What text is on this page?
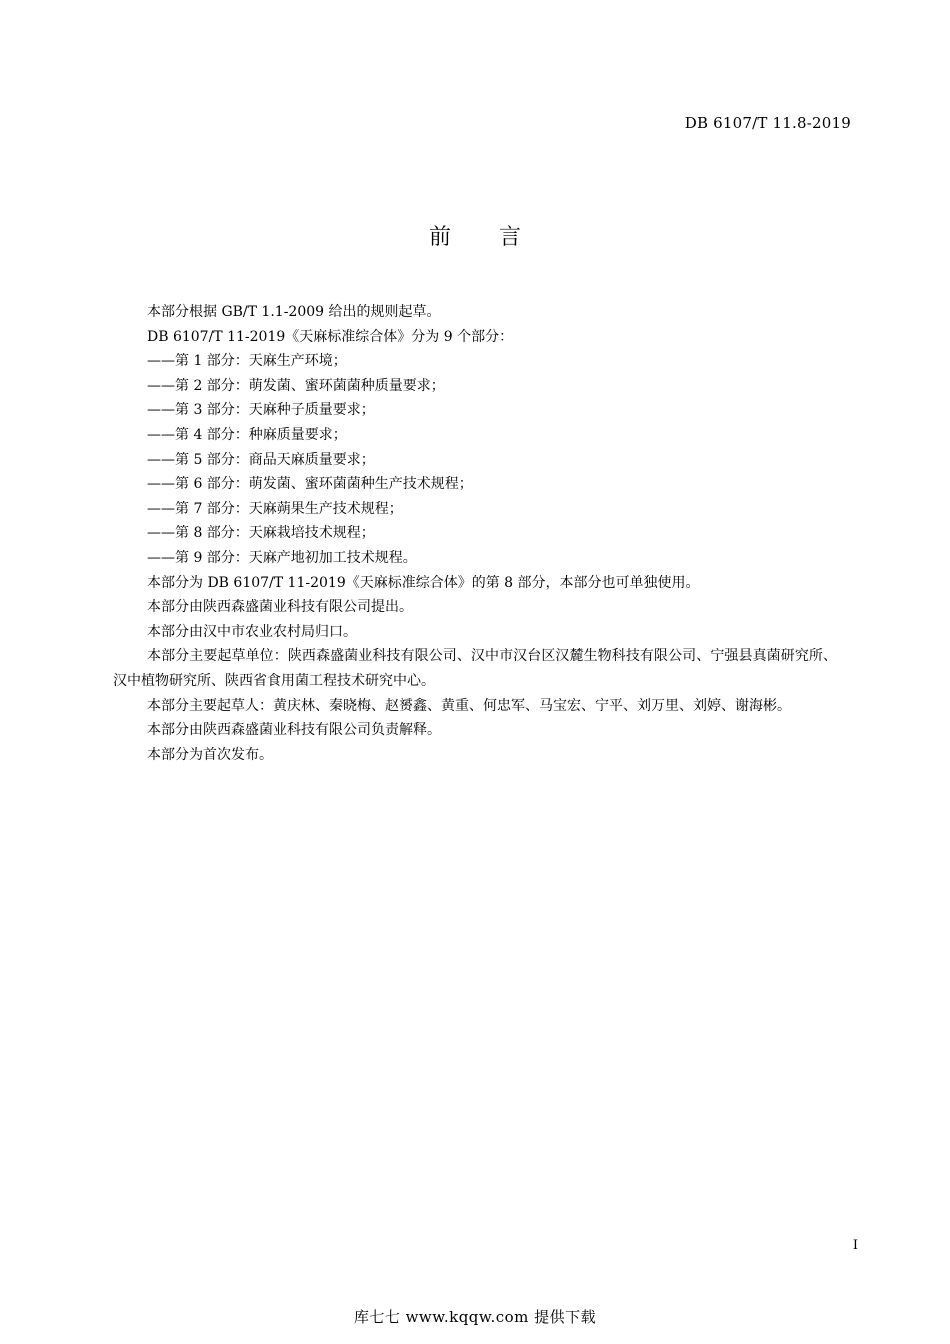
DB 6107/T 11.8-2019
前言

本部分根据 GB/T 1.1-2009 给出的规则起草。

DB 6107/T 11-2019《天麻标准综合体》分为 9 个部分：

——第 1 部分：天麻生产环境；

——第 2 部分：萌发菌、蜜环菌菌种质量要求；

——第 3 部分：天麻种子质量要求；

——第 4 部分：种麻质量要求；

——第 5 部分：商品天麻质量要求；

——第 6 部分：萌发菌、蜜环菌菌种生产技术规程；

——第 7 部分：天麻蒴果生产技术规程；

——第 8 部分：天麻栽培技术规程；

——第 9 部分：天麻产地初加工技术规程。

本部分为 DB 6107/T 11-2019《天麻标准综合体》的第 8 部分，本部分也可单独使用。

本部分由陕西森盛菌业科技有限公司提出。

本部分由汉中市农业农村局归口。

本部分主要起草单位：陕西森盛菌业科技有限公司、汉中市汉台区汉麓生物科技有限公司、宁强县真菌研究所、汉中植物研究所、陕西省食用菌工程技术研究中心。

本部分主要起草人：黄庆林、秦晓梅、赵赟鑫、黄重、何忠军、马宝宏、宁平、刘万里、刘婷、谢海彬。

本部分由陕西森盛菌业科技有限公司负责解释。

本部分为首次发布。

I
库七七 www.kqqw.com 提供下载
